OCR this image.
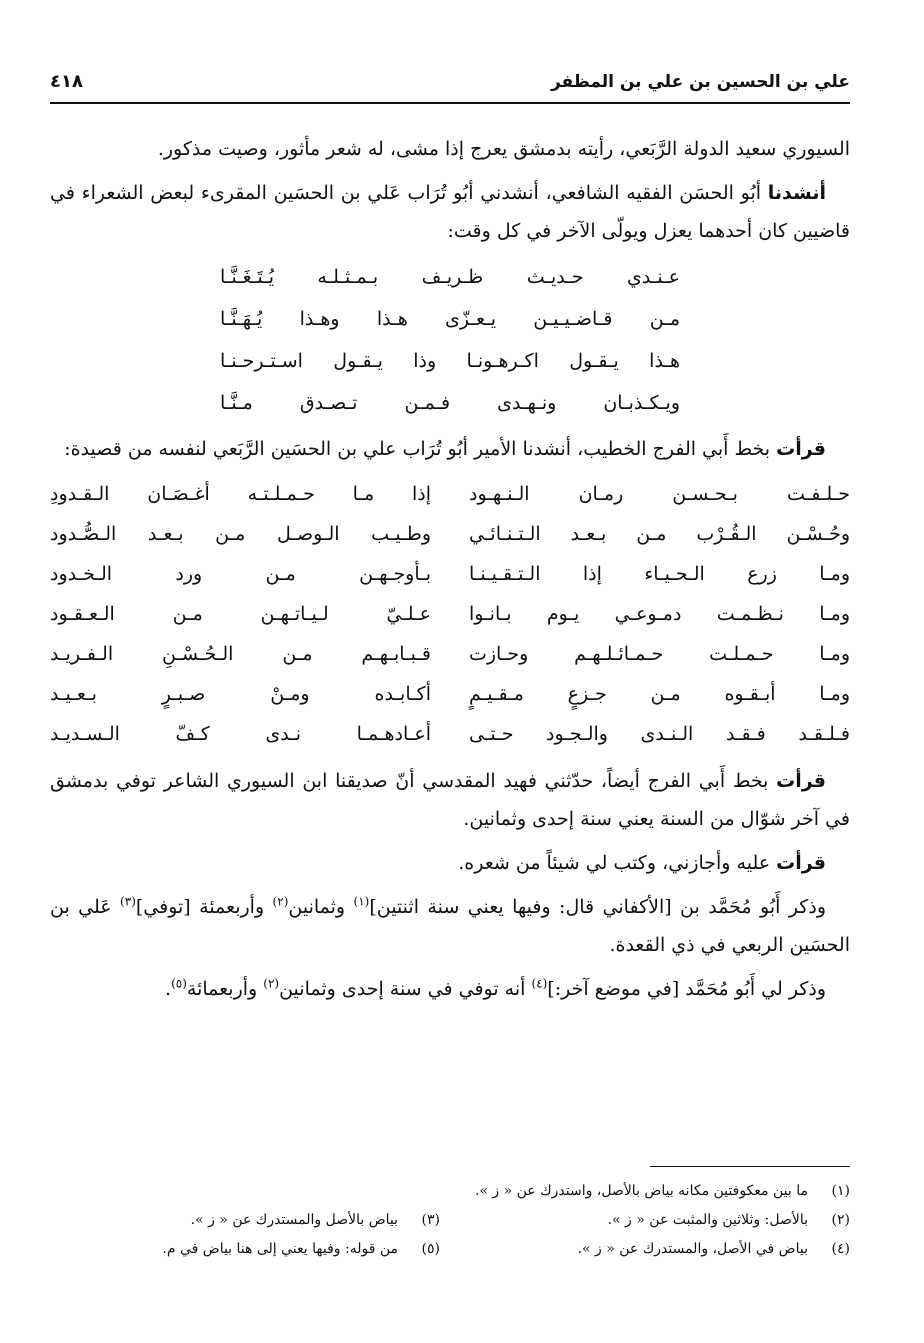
علي بن الحسين بن علي بن المظفر
٤١٨

السيوري سعيد الدولة الرَّبَعي، رأيته بدمشق يعرج إذا مشى، له شعر مأثور، وصيت مذكور.

أنشدنا أبُو الحسَن الفقيه الشافعي، أنشدني أبُو تُرَاب عَلي بن الحسَين المقرىء لبعض الشعراء في قاضيين كان أحدهما يعزل ويولّى الآخر في كل وقت:

عـنـدي حـديـث ظـريـف بـمـثـلـه يُـتَـغَـنَّـا
مـن قـاضـيـيـن يـعـزّى هـذا وهـذا يُـهَـنَّـا
هـذا يـقـول اكـرهـونـا وذا يـقـول اسـتـرحـنـا
ويـكـذبـان ونـهـدى فـمـن تـصـدق مـنَّـا

قرأت بخط أَبي الفرج الخطيب، أنشدنا الأمير أبُو تُرَاب علي بن الحسَين الرَّبَعي لنفسه من قصيدة:

حـلـفـت بـحـسـن رمـان الـنـهـود
إذا مـا حـمـلـتـه أغـصَـان الـقـدودِ
وحُـسْـن الـقُـرْب مـن بـعـد الـتـنـائـي
وطـيـب الـوصـل مـن بـعـد الـصُّـدود
ومـا زرع الـحـيـاء إذا الـتـقـيـنـا
بـأوجـهـن مـن ورد الـخـدود
ومـا نـظـمـت دمـوعـي يـوم بـانـوا
عـلـيّ لـيـاتـهـن مـن الـعـقـود
ومـا حـمـلـت حـمـائـلـهـم وحـازت
قـبـابـهـم مـن الـحُـسْـنِ الـفـريـد
ومـا أبـقـوه مـن جـزعٍ مـقـيـمٍ
أكـابـده ومـنْ صـبـرٍ بـعـيـد
فـلـقـد فـقـد الـنـدى والـجـود حـتـى
أعـادهـمـا نـدى كـفّ الـسـديـد

قرأت بخط أَبي الفرج أيضاً، حدّثني فهيد المقدسي أنّ صديقنا ابن السيوري الشاعر توفي بدمشق في آخر شوّال من السنة يعني سنة إحدى وثمانين.

قرأت عليه وأجازني، وكتب لي شيئاً من شعره.

وذكر أَبُو مُحَمَّد بن [الأكفاني قال: وفيها يعني سنة اثنتين]$^{(١)}$ وثمانين$^{(٢)}$ وأربعمئة [توفي]$^{(٣)}$ عَلي بن الحسَين الربعي في ذي القعدة.

وذكر لي أَبُو مُحَمَّد [في موضع آخر:]$^{(٤)}$ أنه توفي في سنة إحدى وثمانين$^{(٢)}$ وأربعمائة$^{(٥)}$.

(١)ما بين معكوفتين مكانه بياض بالأصل، واستدرك عن « ز ».
(٢)بالأصل: وثلاثين والمثبت عن « ز ».
(٣)بياض بالأصل والمستدرك عن « ز ».
(٤)بياض في الأصل، والمستدرك عن « ز ».
(٥)من قوله: وفيها يعني إلى هنا بياض في م.
